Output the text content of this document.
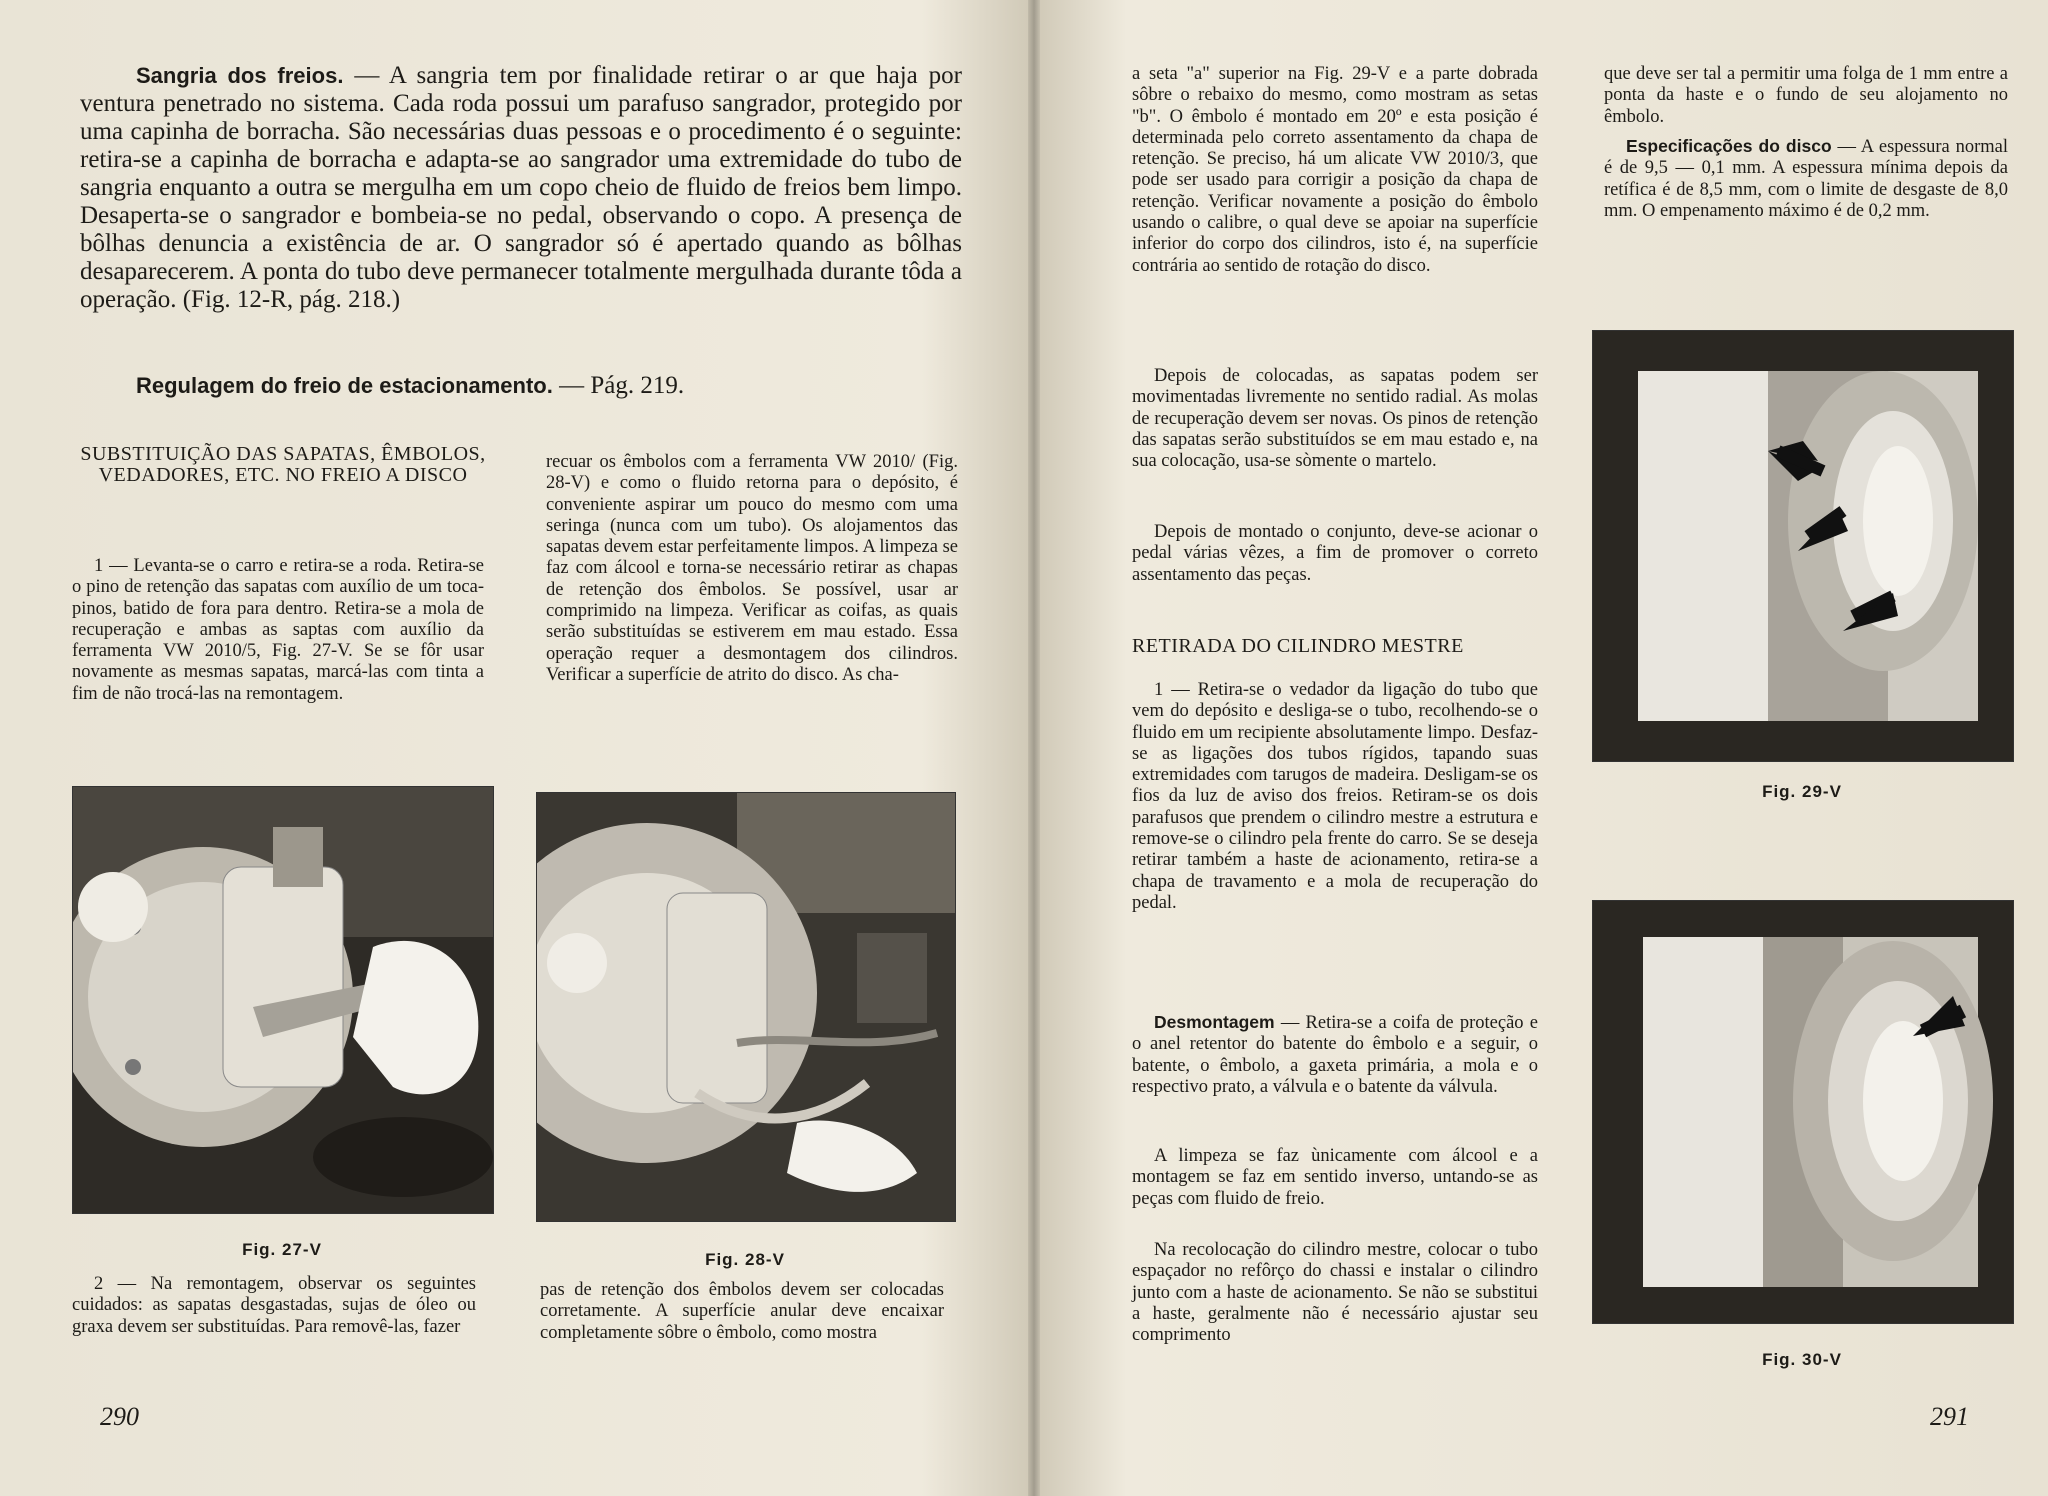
Sangria dos freios. — A sangria tem por finalidade retirar o ar que haja por ventura penetrado no sistema. Cada roda possui um parafuso sangrador, protegido por uma capinha de borracha. São necessárias duas pessoas e o procedimento é o seguinte: retira-se a capinha de borracha e adapta-se ao sangrador uma extremidade do tubo de sangria enquanto a outra se mergulha em um copo cheio de fluido de freios bem limpo. Desaperta-se o sangrador e bombeia-se no pedal, observando o copo. A presença de bôlhas denuncia a existência de ar. O sangrador só é apertado quando as bôlhas desaparecerem. A ponta do tubo deve permanecer totalmente mergulhada durante tôda a operação. (Fig. 12-R, pág. 218.)

Regulagem do freio de estacionamento. — Pág. 219.

SUBSTITUIÇÃO DAS SAPATAS, ÊMBOLOS, VEDADORES, ETC. NO FREIO A DISCO

1 — Levanta-se o carro e retira-se a roda. Retira-se o pino de retenção das sapatas com auxílio de um toca-pinos, batido de fora para dentro. Retira-se a mola de recuperação e ambas as saptas com auxílio da ferramenta VW 2010/5, Fig. 27-V. Se se fôr usar novamente as mesmas sapatas, marcá-las com tinta a fim de não trocá-las na remontagem.

recuar os êmbolos com a ferramenta VW 2010/ (Fig. 28-V) e como o fluido retorna para o depósito, é conveniente aspirar um pouco do mesmo com uma seringa (nunca com um tubo). Os alojamentos das sapatas devem estar perfeitamente limpos. A limpeza se faz com álcool e torna-se necessário retirar as chapas de retenção dos êmbolos. Se possível, usar ar comprimido na limpeza. Verificar as coifas, as quais serão substituídas se estiverem em mau estado. Essa operação requer a desmontagem dos cilindros. Verificar a superfície de atrito do disco. As cha-

Fig. 27-V

Fig. 28-V

2 — Na remontagem, observar os seguintes cuidados: as sapatas desgastadas, sujas de óleo ou graxa devem ser substituídas. Para removê-las, fazer

pas de retenção dos êmbolos devem ser colocadas corretamente. A superfície anular deve encaixar completamente sôbre o êmbolo, como mostra

290

a seta "a" superior na Fig. 29-V e a parte dobrada sôbre o rebaixo do mesmo, como mostram as setas "b". O êmbolo é montado em 20º e esta posição é determinada pelo correto assentamento da chapa de retenção. Se preciso, há um alicate VW 2010/3, que pode ser usado para corrigir a posição da chapa de retenção. Verificar novamente a posição do êmbolo usando o calibre, o qual deve se apoiar na superfície inferior do corpo dos cilindros, isto é, na superfície contrária ao sentido de rotação do disco.

Depois de colocadas, as sapatas podem ser movimentadas livremente no sentido radial. As molas de recuperação devem ser novas. Os pinos de retenção das sapatas serão substituídos se em mau estado e, na sua colocação, usa-se sòmente o martelo.

Depois de montado o conjunto, deve-se acionar o pedal várias vêzes, a fim de promover o correto assentamento das peças.

RETIRADA DO CILINDRO MESTRE

1 — Retira-se o vedador da ligação do tubo que vem do depósito e desliga-se o tubo, recolhendo-se o fluido em um recipiente absolutamente limpo. Desfaz-se as ligações dos tubos rígidos, tapando suas extremidades com tarugos de madeira. Desligam-se os fios da luz de aviso dos freios. Retiram-se os dois parafusos que prendem o cilindro mestre a estrutura e remove-se o cilindro pela frente do carro. Se se deseja retirar também a haste de acionamento, retira-se a chapa de travamento e a mola de recuperação do pedal.

Desmontagem — Retira-se a coifa de proteção e o anel retentor do batente do êmbolo e a seguir, o batente, o êmbolo, a gaxeta primária, a mola e o respectivo prato, a válvula e o batente da válvula.

A limpeza se faz ùnicamente com álcool e a montagem se faz em sentido inverso, untando-se as peças com fluido de freio.

Na recolocação do cilindro mestre, colocar o tubo espaçador no refôrço do chassi e instalar o cilindro junto com a haste de acionamento. Se não se substitui a haste, geralmente não é necessário ajustar seu comprimento

que deve ser tal a permitir uma folga de 1 mm entre a ponta da haste e o fundo de seu alojamento no êmbolo.

Especificações do disco — A espessura normal é de 9,5 — 0,1 mm. A espessura mínima depois da retífica é de 8,5 mm, com o limite de desgaste de 8,0 mm. O empenamento máximo é de 0,2 mm.

Fig. 29-V

Fig. 30-V

291
